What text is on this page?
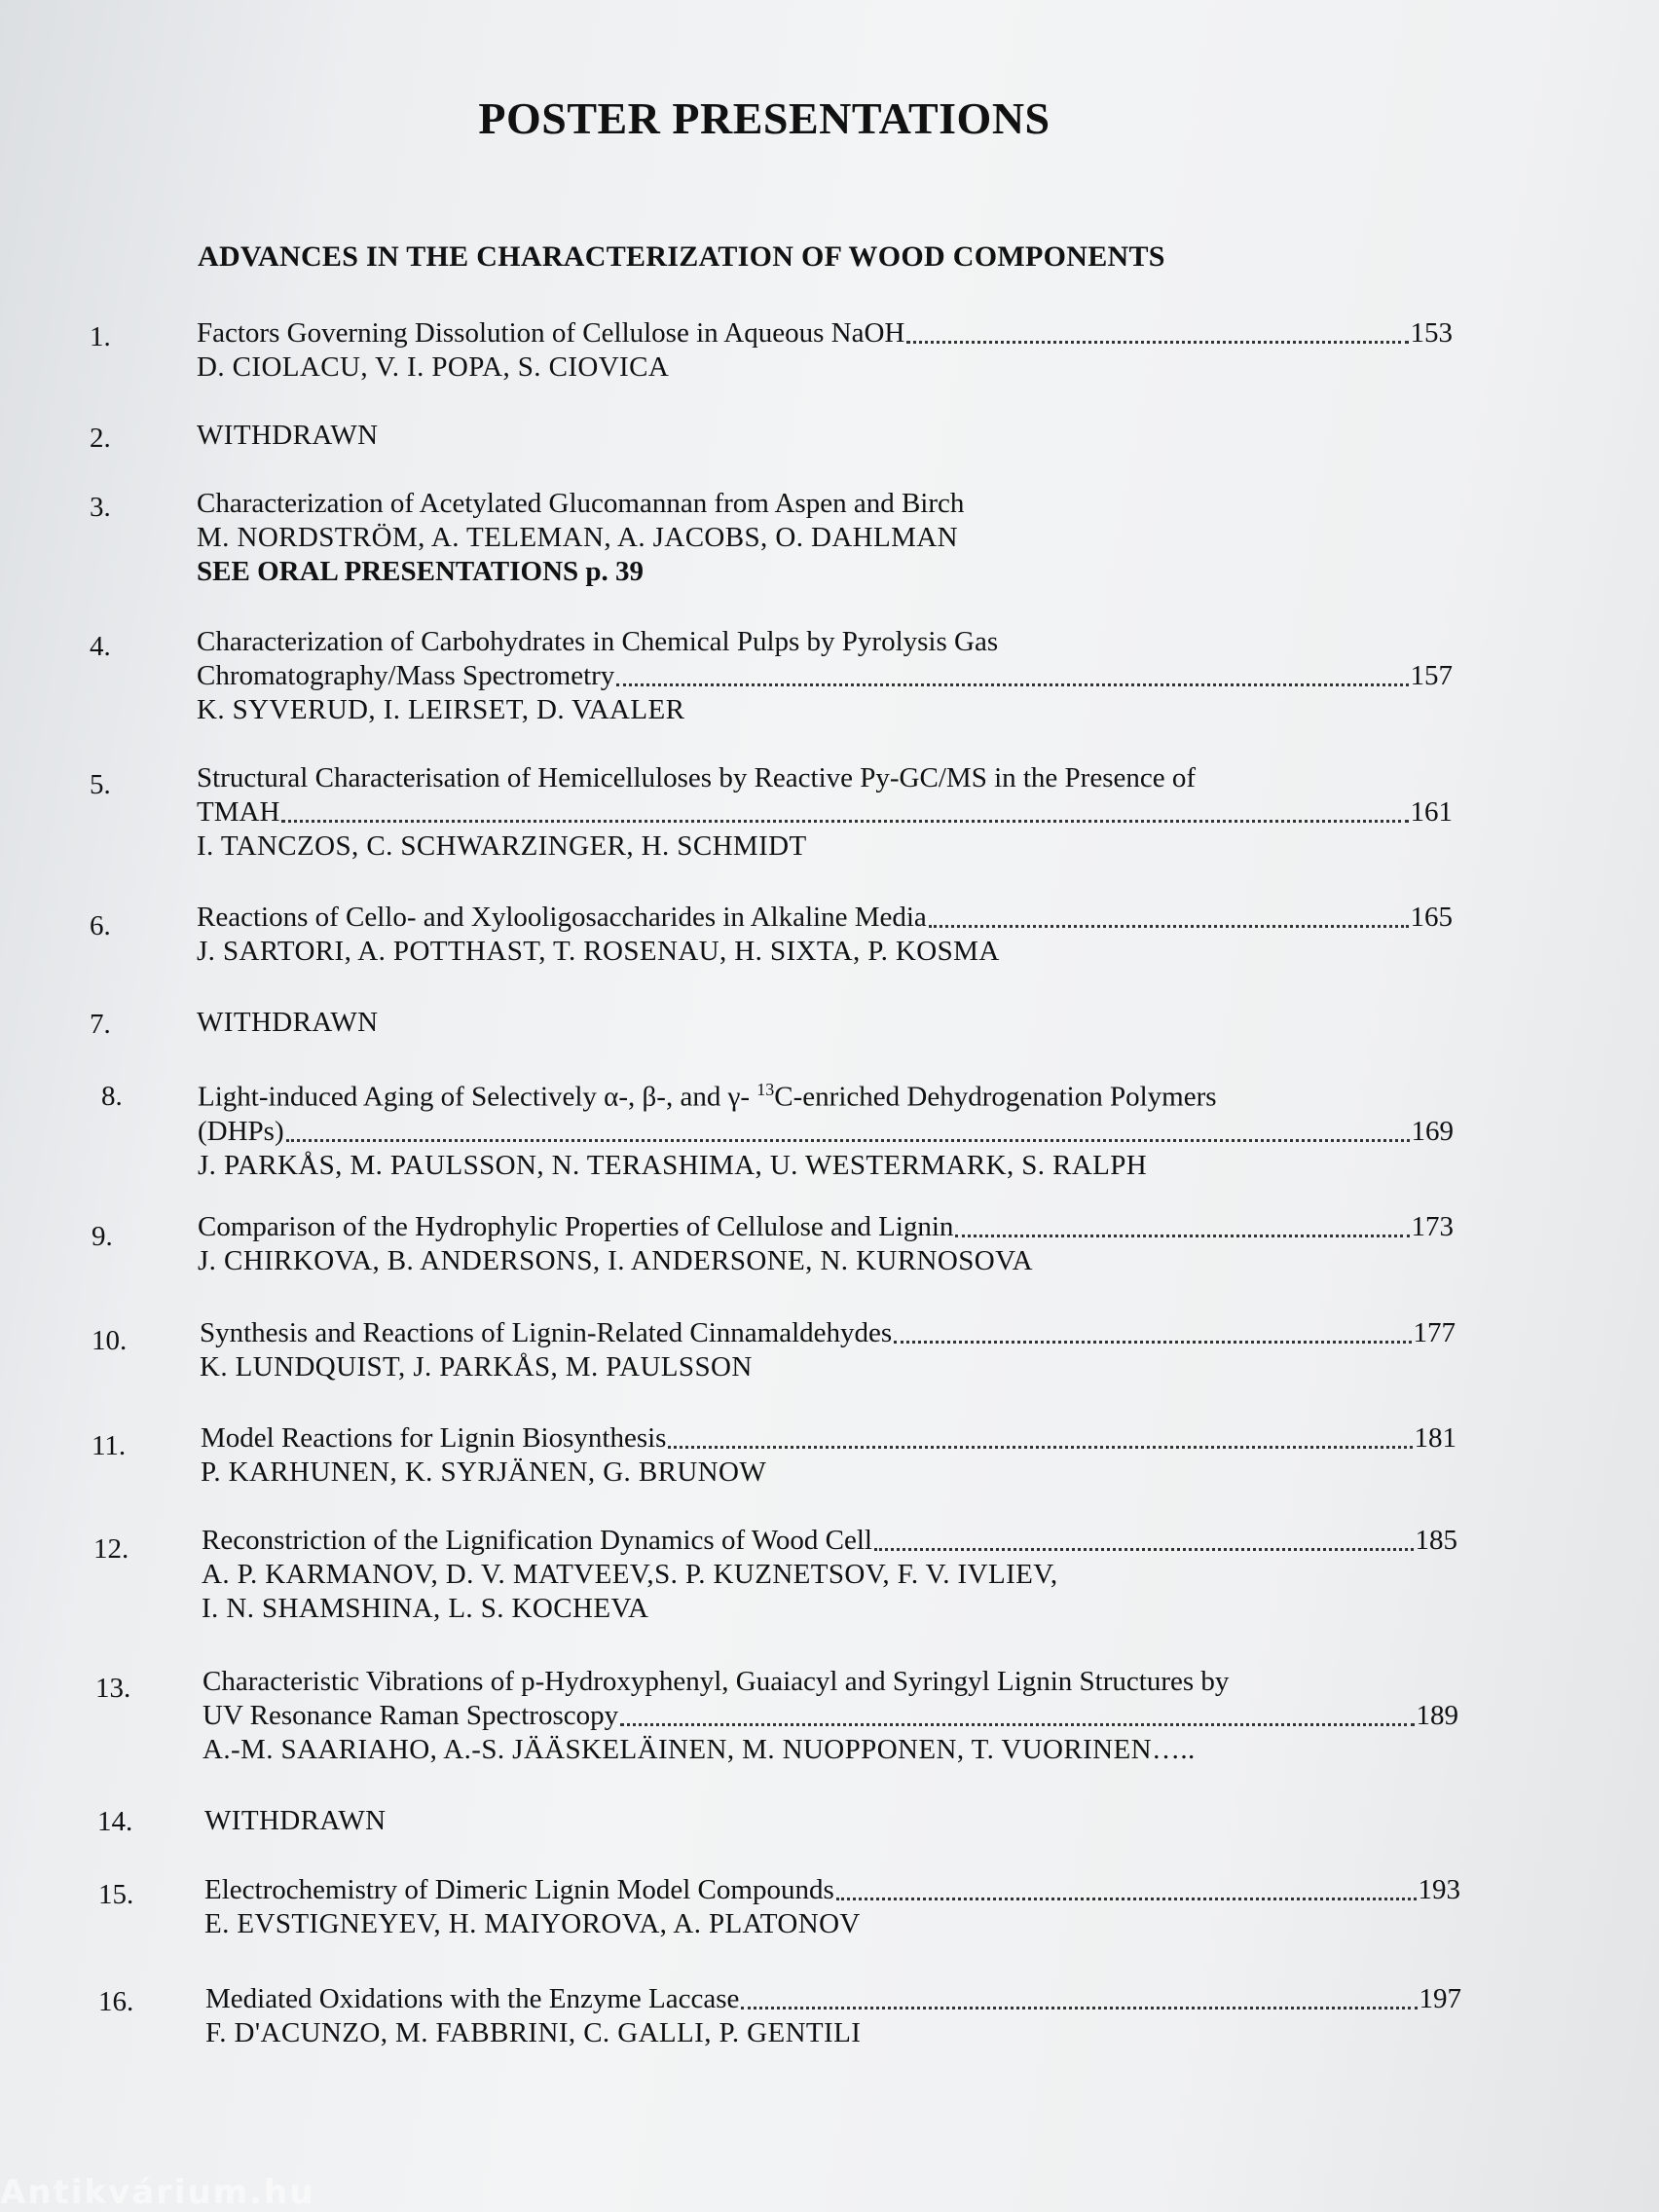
POSTER PRESENTATIONS
ADVANCES IN THE CHARACTERIZATION OF WOOD COMPONENTS
1.	Factors Governing Dissolution of Cellulose in Aqueous NaOH	153
D. CIOLACU, V. I. POPA, S. CIOVICA
2.	WITHDRAWN
3.	Characterization of Acetylated Glucomannan from Aspen and Birch
M. NORDSTRÖM, A. TELEMAN, A. JACOBS, O. DAHLMAN
SEE ORAL PRESENTATIONS p. 39
4.	Characterization of Carbohydrates in Chemical Pulps by Pyrolysis Gas
Chromatography/Mass Spectrometry	157
K. SYVERUD, I. LEIRSET, D. VAALER
5.	Structural Characterisation of Hemicelluloses by Reactive Py-GC/MS in the Presence of
TMAH	161
I. TANCZOS, C. SCHWARZINGER, H. SCHMIDT
6.	Reactions of Cello- and Xylooligosaccharides in Alkaline Media	165
J. SARTORI, A. POTTHAST, T. ROSENAU, H. SIXTA, P. KOSMA
7.	WITHDRAWN
8.	Light-induced Aging of Selectively α-, β-, and γ- $^{13}$C-enriched Dehydrogenation Polymers
(DHPs)	169
J. PARKÅS, M. PAULSSON, N. TERASHIMA, U. WESTERMARK, S. RALPH
9.	Comparison of the Hydrophylic Properties of Cellulose and Lignin	173
J. CHIRKOVA, B. ANDERSONS, I. ANDERSONE, N. KURNOSOVA
10.	Synthesis and Reactions of Lignin-Related Cinnamaldehydes	177
K. LUNDQUIST, J. PARKÅS, M. PAULSSON
11.	Model Reactions for Lignin Biosynthesis	181
P. KARHUNEN, K. SYRJÄNEN, G. BRUNOW
12.	Reconstriction of the Lignification Dynamics of Wood Cell	185
A. P. KARMANOV, D. V. MATVEEV,S. P. KUZNETSOV, F. V. IVLIEV,
I. N. SHAMSHINA, L. S. KOCHEVA
13.	Characteristic Vibrations of p-Hydroxyphenyl, Guaiacyl and Syringyl Lignin Structures by
UV Resonance Raman Spectroscopy	189
A.-M. SAARIAHO, A.-S. JÄÄSKELÄINEN, M. NUOPPONEN, T. VUORINEN…..
14.	WITHDRAWN
15.	Electrochemistry of Dimeric Lignin Model Compounds	193
E. EVSTIGNEYEV, H. MAIYOROVA, A. PLATONOV
16.	Mediated Oxidations with the Enzyme Laccase	197
F. D'ACUNZO, M. FABBRINI, C. GALLI, P. GENTILI
Antikvárium.hu
